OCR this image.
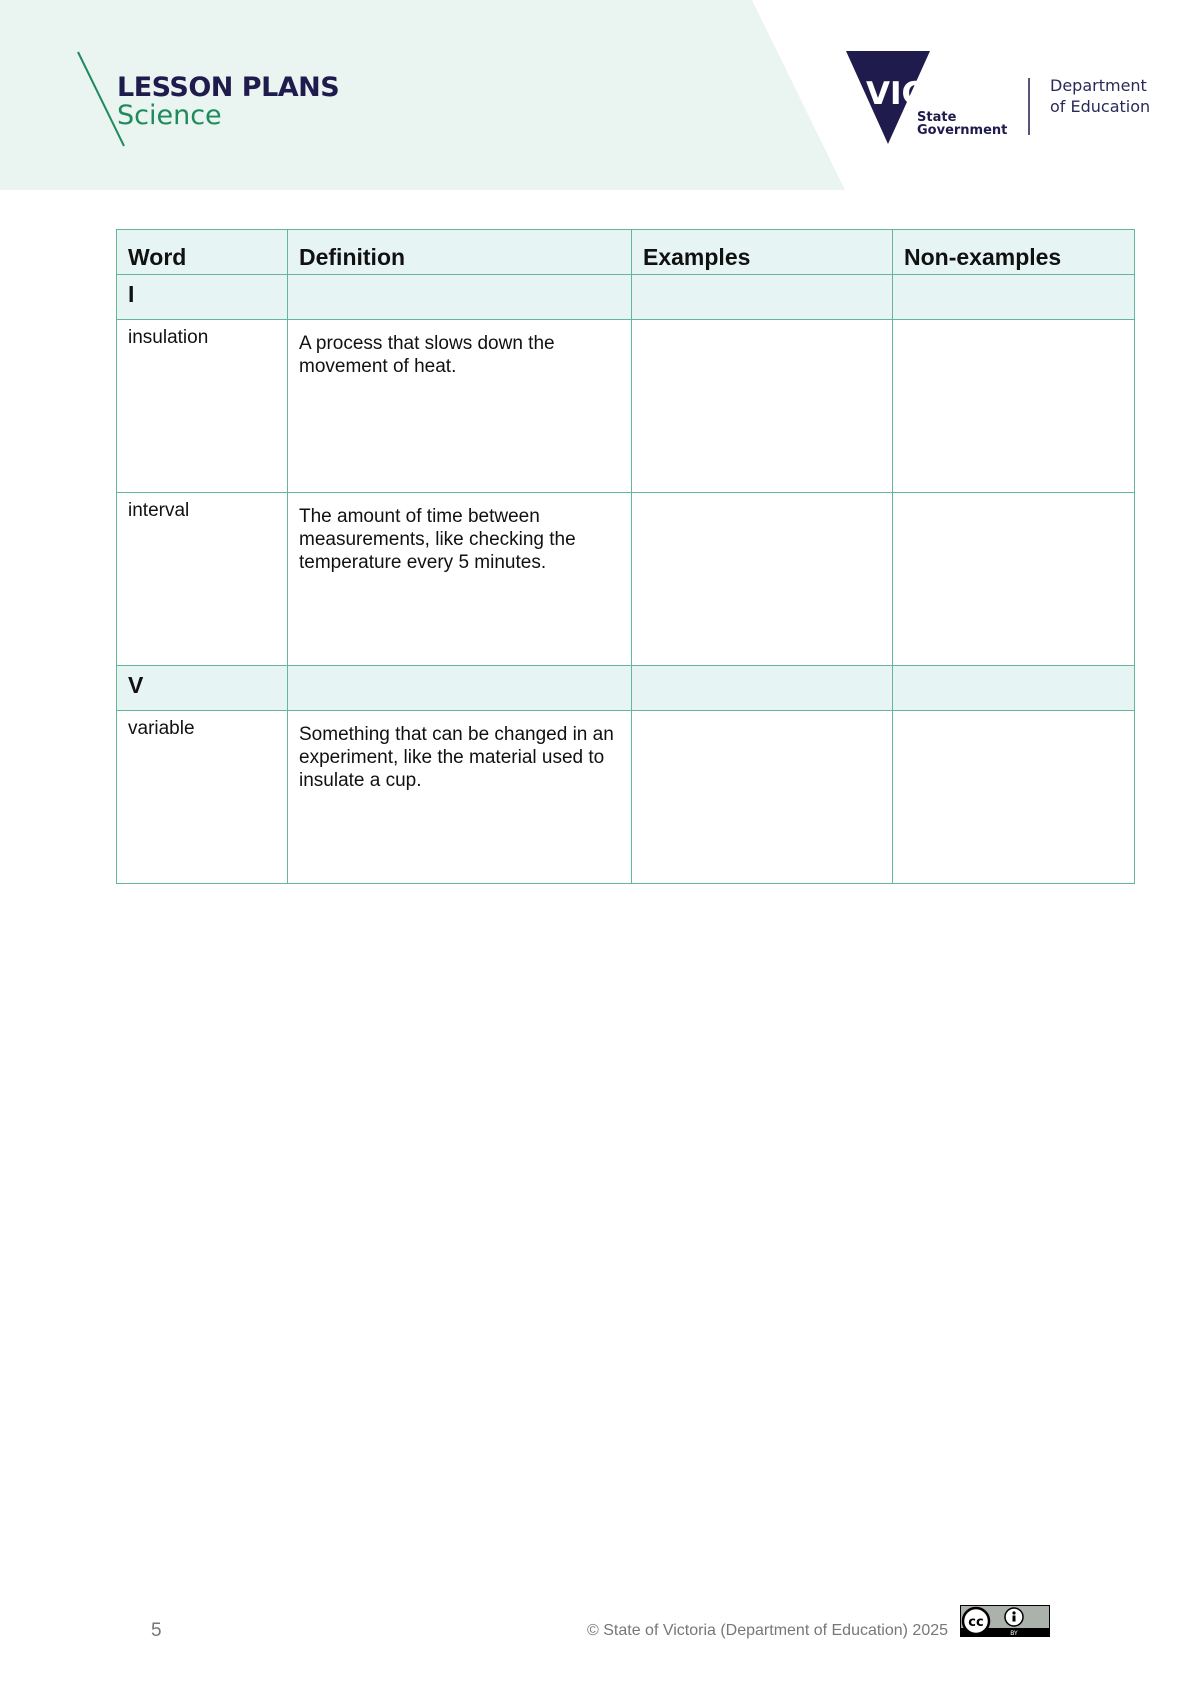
LESSON PLANS
Science
VICTORIA
State
Government
Department
of Education
Word	Definition	Examples	Non-examples
I			
insulation	A process that slows down the movement of heat.		
interval	The amount of time between measurements, like checking the temperature every 5 minutes.		
V			
variable	Something that can be changed in an experiment, like the material used to insulate a cup.		
5	© State of Victoria (Department of Education) 2025 cc
BY
